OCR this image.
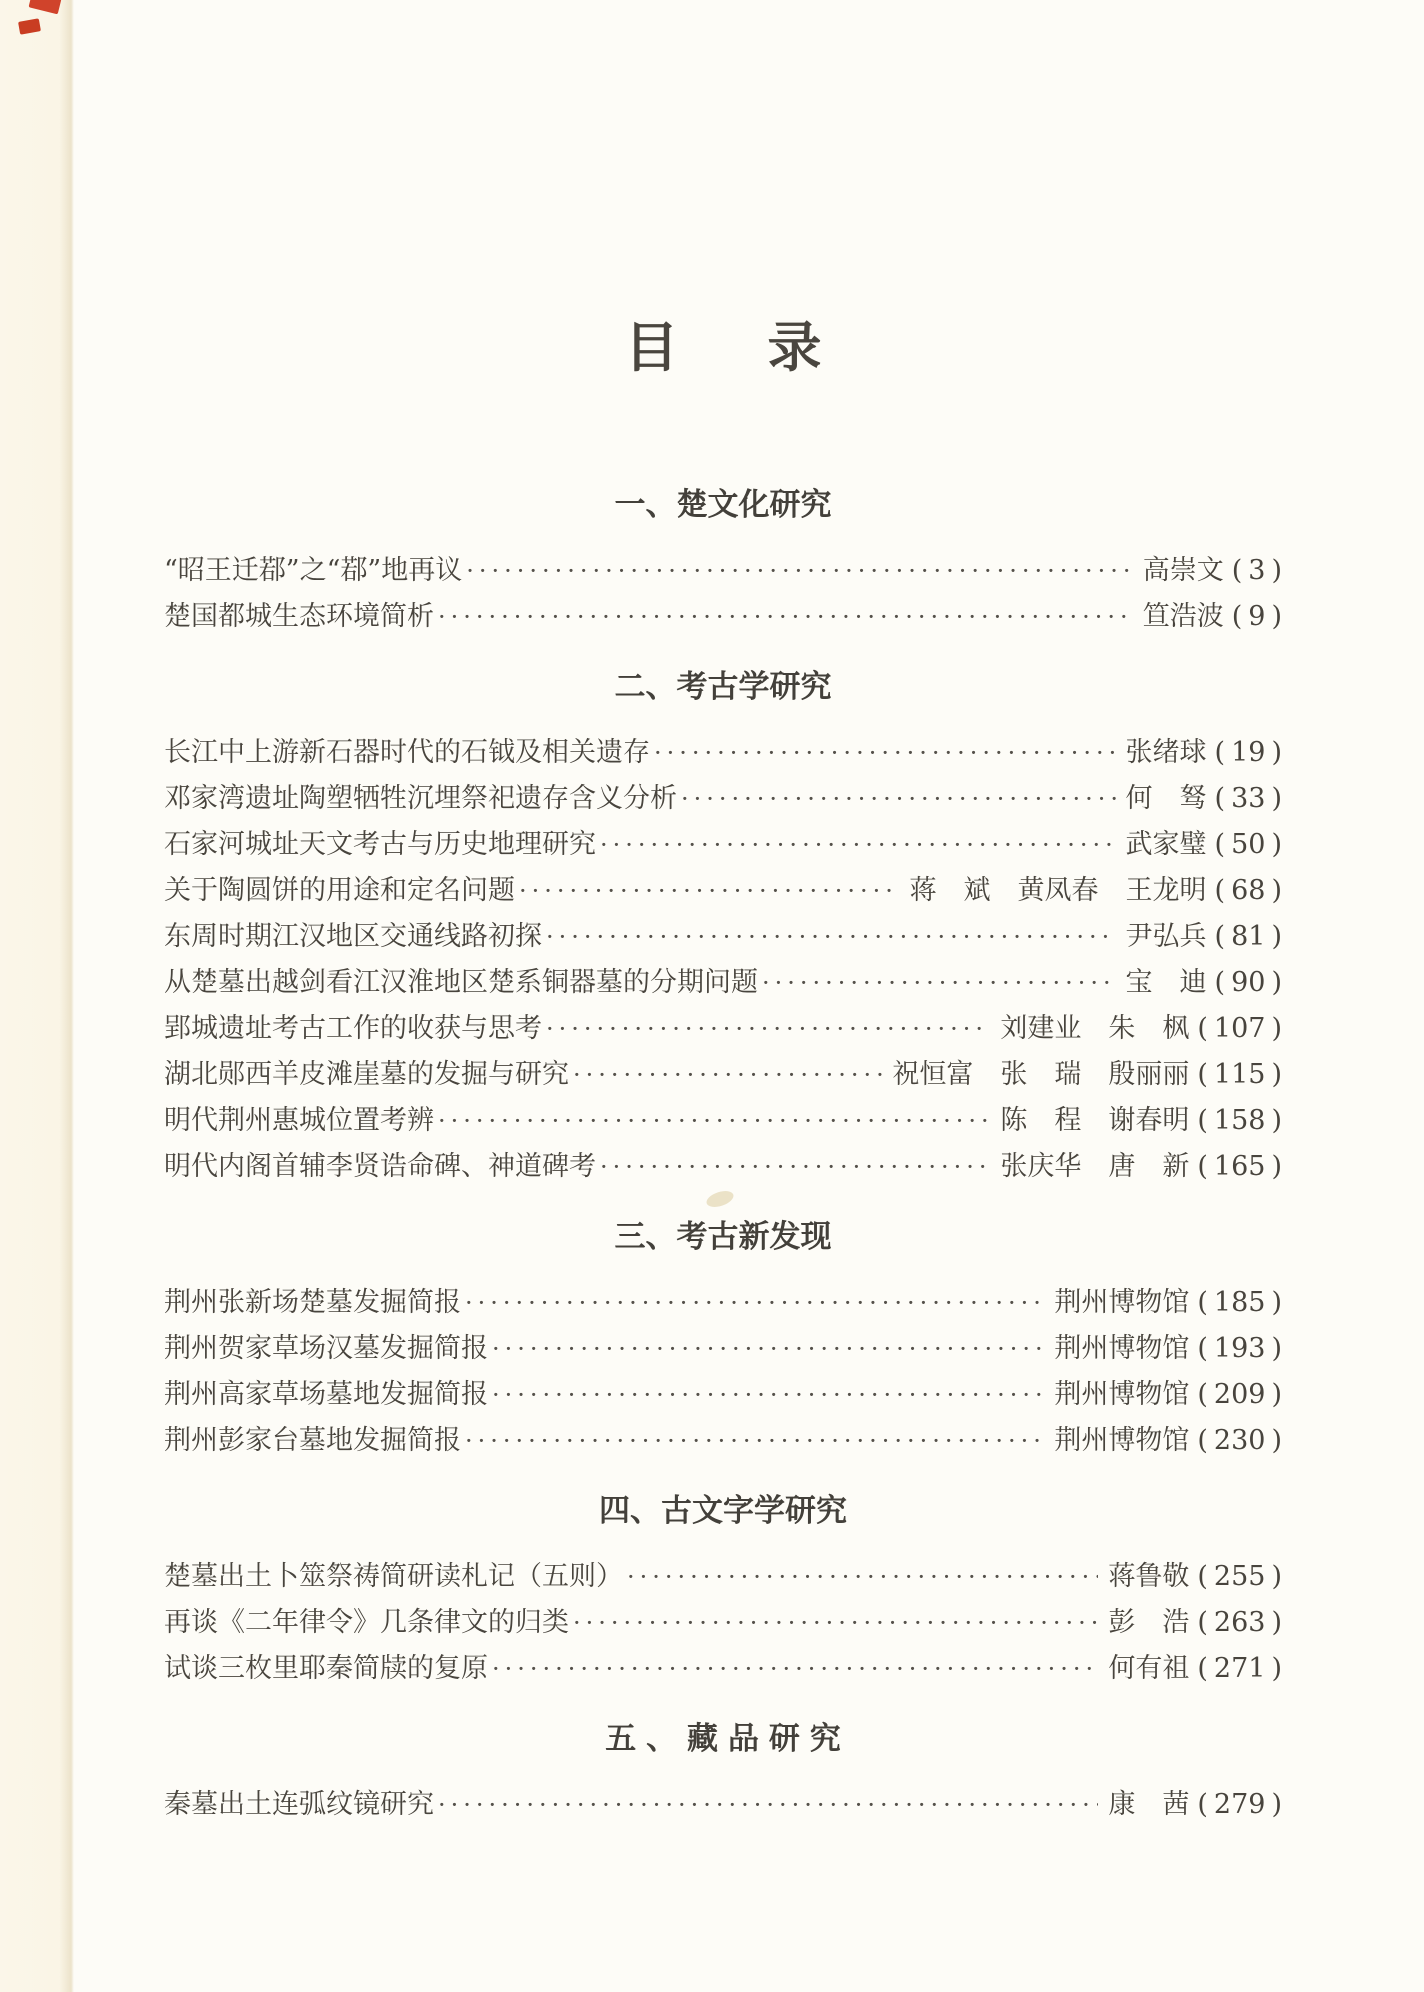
目录
一、楚文化研究
“昭王迁鄀”之“鄀”地再议 ·····	高崇文 ( 3 )
楚国都城生态环境简析 ·····	笪浩波 ( 9 )
二、考古学研究
长江中上游新石器时代的石钺及相关遗存 ·····	张绪球 ( 19 )
邓家湾遗址陶塑牺牲沉埋祭祀遗存含义分析 ·····	何　驽 ( 33 )
石家河城址天文考古与历史地理研究 ·····	武家璧 ( 50 )
关于陶圆饼的用途和定名问题 ·····	蒋　斌　黄凤春　王龙明 ( 68 )
东周时期江汉地区交通线路初探 ·····	尹弘兵 ( 81 )
从楚墓出越剑看江汉淮地区楚系铜器墓的分期问题 ·····	宝　迪 ( 90 )
郢城遗址考古工作的收获与思考 ·····	刘建业　朱　枫 ( 107 )
湖北郧西羊皮滩崖墓的发掘与研究 ·····	祝恒富　张　瑞　殷丽丽 ( 115 )
明代荆州惠城位置考辨 ·····	陈　程　谢春明 ( 158 )
明代内阁首辅李贤诰命碑、神道碑考 ·····	张庆华　唐　新 ( 165 )
三、考古新发现
荆州张新场楚墓发掘简报 ·····	荆州博物馆 ( 185 )
荆州贺家草场汉墓发掘简报 ·····	荆州博物馆 ( 193 )
荆州高家草场墓地发掘简报 ·····	荆州博物馆 ( 209 )
荆州彭家台墓地发掘简报 ·····	荆州博物馆 ( 230 )
四、古文字学研究
楚墓出土卜筮祭祷简研读札记（五则） ·····	蒋鲁敬 ( 255 )
再谈《二年律令》几条律文的归类 ·····	彭　浩 ( 263 )
试谈三枚里耶秦简牍的复原 ·····	何有祖 ( 271 )
五、藏品研究
秦墓出土连弧纹镜研究 ·····	康　茜 ( 279 )
